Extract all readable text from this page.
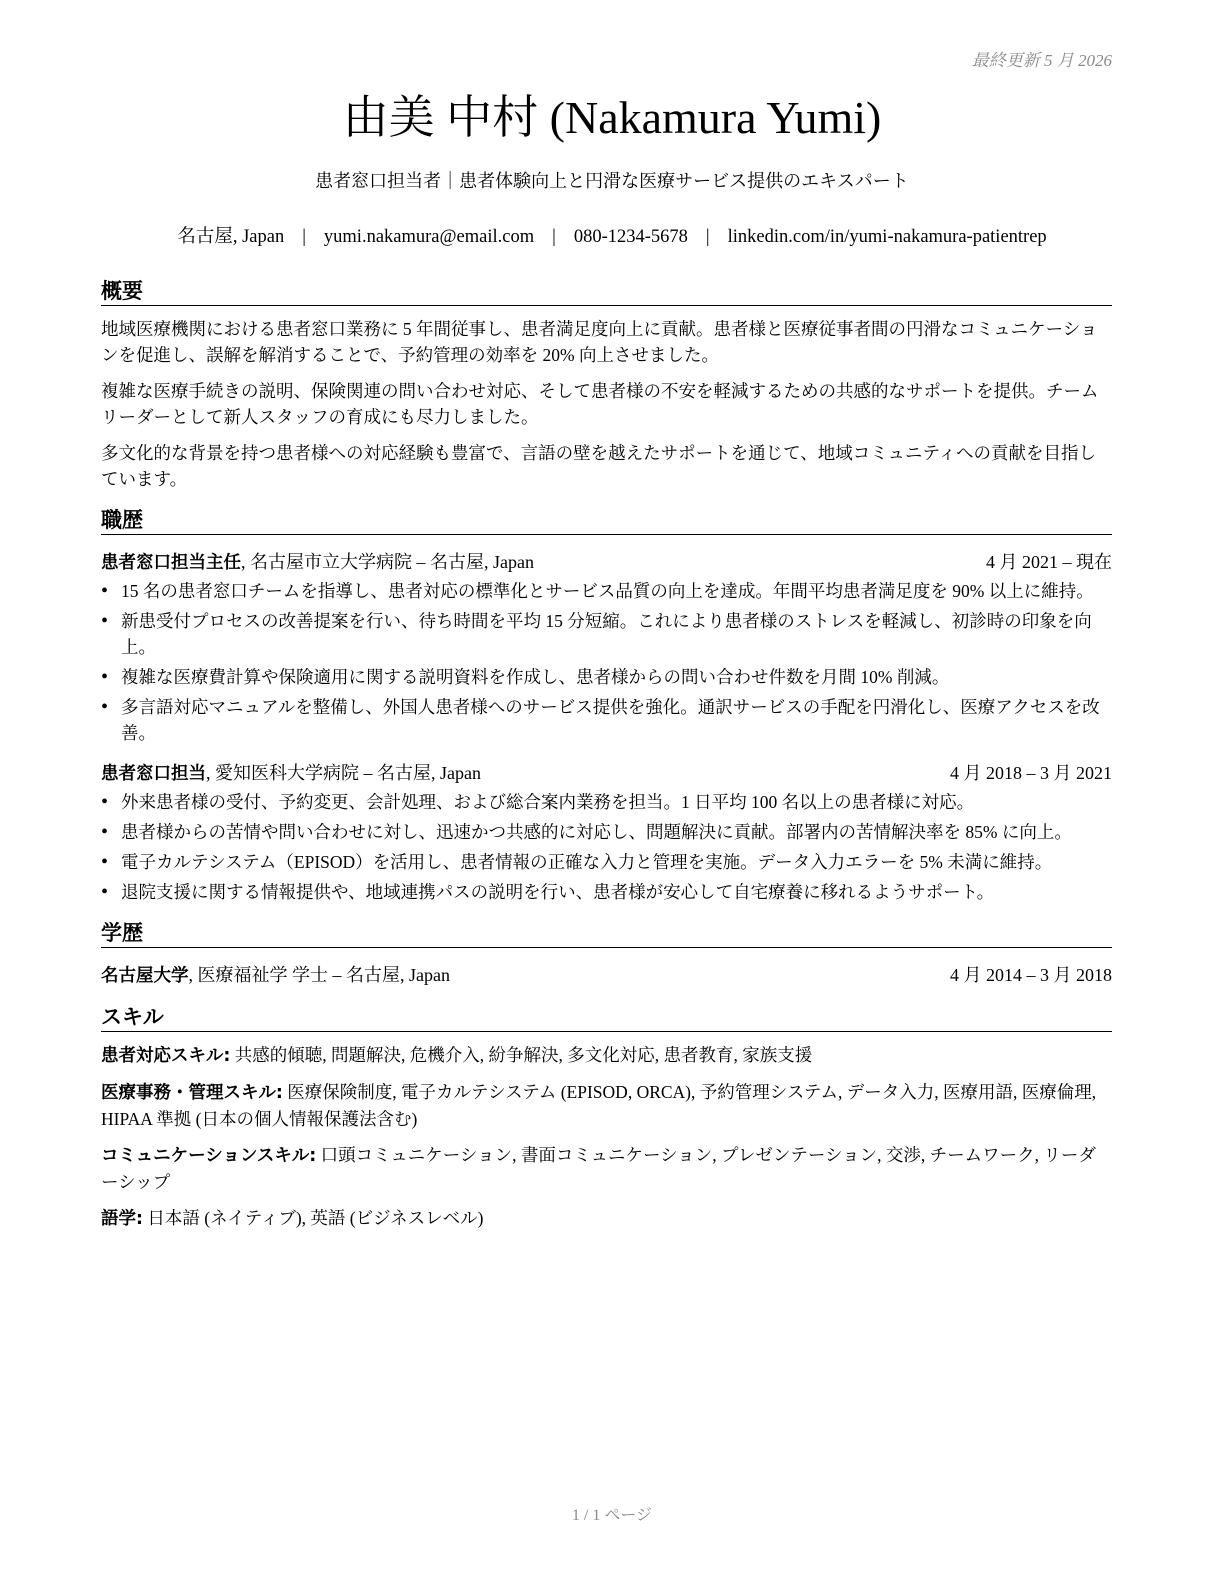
最終更新 5 月 2026
由美 中村 (Nakamura Yumi)
患者窓口担当者｜患者体験向上と円滑な医療サービス提供のエキスパート
名古屋, Japan | yumi.nakamura@email.com | 080-1234-5678 | linkedin.com/in/yumi-nakamura-patientrep
概要

地域医療機関における患者窓口業務に 5 年間従事し、患者満足度向上に貢献。患者様と医療従事者間の円滑なコミュニケーションを促進し、誤解を解消することで、予約管理の効率を 20% 向上させました。

複雑な医療手続きの説明、保険関連の問い合わせ対応、そして患者様の不安を軽減するための共感的なサポートを提供。チームリーダーとして新人スタッフの育成にも尽力しました。

多文化的な背景を持つ患者様への対応経験も豊富で、言語の壁を越えたサポートを通じて、地域コミュニティへの貢献を目指しています。

職歴
患者窓口担当主任, 名古屋市立大学病院 – 名古屋, Japan	4 月 2021 – 現在
• 15 名の患者窓口チームを指導し、患者対応の標準化とサービス品質の向上を達成。年間平均患者満足度を 90% 以上に維持。
• 新患受付プロセスの改善提案を行い、待ち時間を平均 15 分短縮。これにより患者様のストレスを軽減し、初診時の印象を向上。
• 複雑な医療費計算や保険適用に関する説明資料を作成し、患者様からの問い合わせ件数を月間 10% 削減。
• 多言語対応マニュアルを整備し、外国人患者様へのサービス提供を強化。通訳サービスの手配を円滑化し、医療アクセスを改善。
患者窓口担当, 愛知医科大学病院 – 名古屋, Japan	4 月 2018 – 3 月 2021
• 外来患者様の受付、予約変更、会計処理、および総合案内業務を担当。1 日平均 100 名以上の患者様に対応。
• 患者様からの苦情や問い合わせに対し、迅速かつ共感的に対応し、問題解決に貢献。部署内の苦情解決率を 85% に向上。
• 電子カルテシステム（EPISOD）を活用し、患者情報の正確な入力と管理を実施。データ入力エラーを 5% 未満に維持。
• 退院支援に関する情報提供や、地域連携パスの説明を行い、患者様が安心して自宅療養に移れるようサポート。
学歴
名古屋大学, 医療福祉学 学士 – 名古屋, Japan	4 月 2014 – 3 月 2018
スキル

患者対応スキル: 共感的傾聴, 問題解決, 危機介入, 紛争解決, 多文化対応, 患者教育, 家族支援

医療事務・管理スキル: 医療保険制度, 電子カルテシステム (EPISOD, ORCA), 予約管理システム, データ入力, 医療用語, 医療倫理, HIPAA 準拠 (日本の個人情報保護法含む)

コミュニケーションスキル: 口頭コミュニケーション, 書面コミュニケーション, プレゼンテーション, 交渉, チームワーク, リーダーシップ

語学: 日本語 (ネイティブ), 英語 (ビジネスレベル)

1 / 1 ページ
